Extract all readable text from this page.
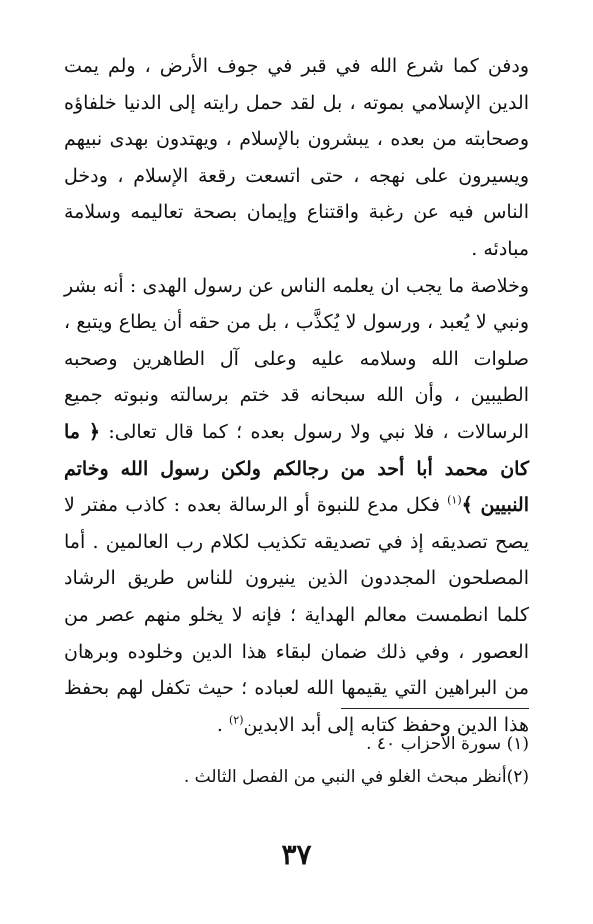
ودفن كما شرع الله في قبر في جوف الأرض ، ولم يمت الدين الإسلامي بموته ، بل لقد حمل رايته إلى الدنيا خلفاؤه وصحابته من بعده ، يبشرون بالإسلام ، ويهتدون بهدى نبيهم ويسيرون على نهجه ، حتى اتسعت رقعة الإسلام ، ودخل الناس فيه عن رغبة واقتناع وإيمان بصحة تعاليمه وسلامة مبادئه .

وخلاصة ما يجب ان يعلمه الناس عن رسول الهدى : أنه بشر ونبي لا يُعبد ، ورسول لا يُكذَّب ، بل من حقه أن يطاع ويتبع ، صلوات الله وسلامه عليه وعلى آل الطاهرين وصحبه الطيبين ، وأن الله سبحانه قد ختم برسالته ونبوته جميع الرسالات ، فلا نبي ولا رسول بعده ؛ كما قال تعالى: ﴿ ما كان محمد أبا أحد من رجالكم ولكن رسول الله وخاتم النبيين ﴾$^{(١)}$ فكل مدع للنبوة أو الرسالة بعده : كاذب مفتر لا يصح تصديقه إذ في تصديقه تكذيب لكلام رب العالمين . أما المصلحون المجددون الذين ينيرون للناس طريق الرشاد كلما انطمست معالم الهداية ؛ فإنه لا يخلو منهم عصر من العصور ، وفي ذلك ضمان لبقاء هذا الدين وخلوده وبرهان من البراهين التي يقيمها الله لعباده ؛ حيث تكفل لهم بحفظ هذا الدين وحفظ كتابه إلى أبد الابدين$^{(٢)}$ .

(١) سورة الأحزاب ٤٠ .

(٢)أنظر مبحث الغلو في النبي من الفصل الثالث .

٣٧
